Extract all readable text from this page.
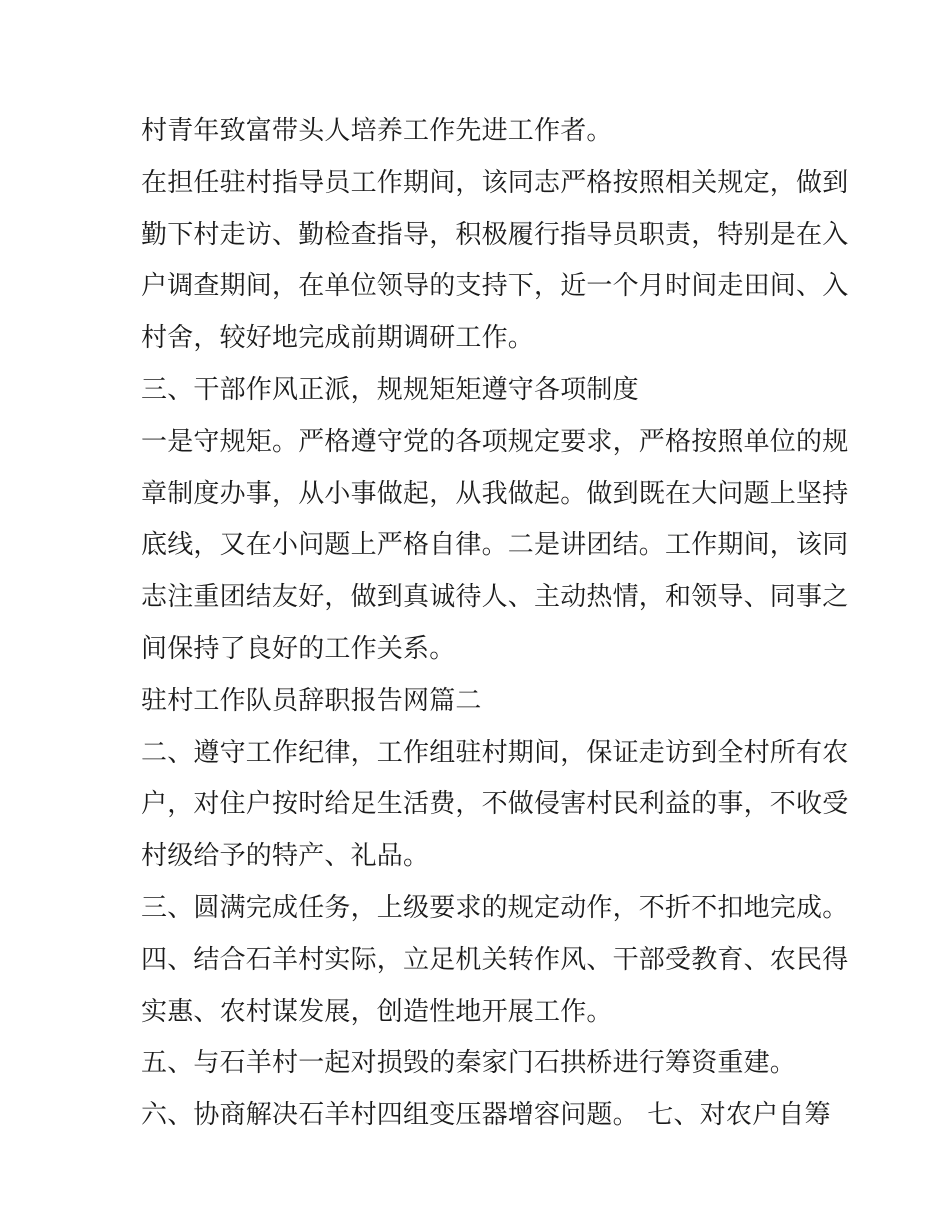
村青年致富带头人培养工作先进工作者。
在担任驻村指导员工作期间，该同志严格按照相关规定，做到
勤下村走访、勤检查指导，积极履行指导员职责，特别是在入
户调查期间，在单位领导的支持下，近一个月时间走田间、入
村舍，较好地完成前期调研工作。
三、干部作风正派，规规矩矩遵守各项制度
一是守规矩。严格遵守党的各项规定要求，严格按照单位的规
章制度办事，从小事做起，从我做起。做到既在大问题上坚持
底线，又在小问题上严格自律。二是讲团结。工作期间，该同
志注重团结友好，做到真诚待人、主动热情，和领导、同事之
间保持了良好的工作关系。
驻村工作队员辞职报告网篇二
二、遵守工作纪律，工作组驻村期间，保证走访到全村所有农
户，对住户按时给足生活费，不做侵害村民利益的事，不收受
村级给予的特产、礼品。
三、圆满完成任务，上级要求的规定动作，不折不扣地完成。
四、结合石羊村实际，立足机关转作风、干部受教育、农民得
实惠、农村谋发展，创造性地开展工作。
五、与石羊村一起对损毁的秦家门石拱桥进行筹资重建。
六、协商解决石羊村四组变压器增容问题。 七、对农户自筹
